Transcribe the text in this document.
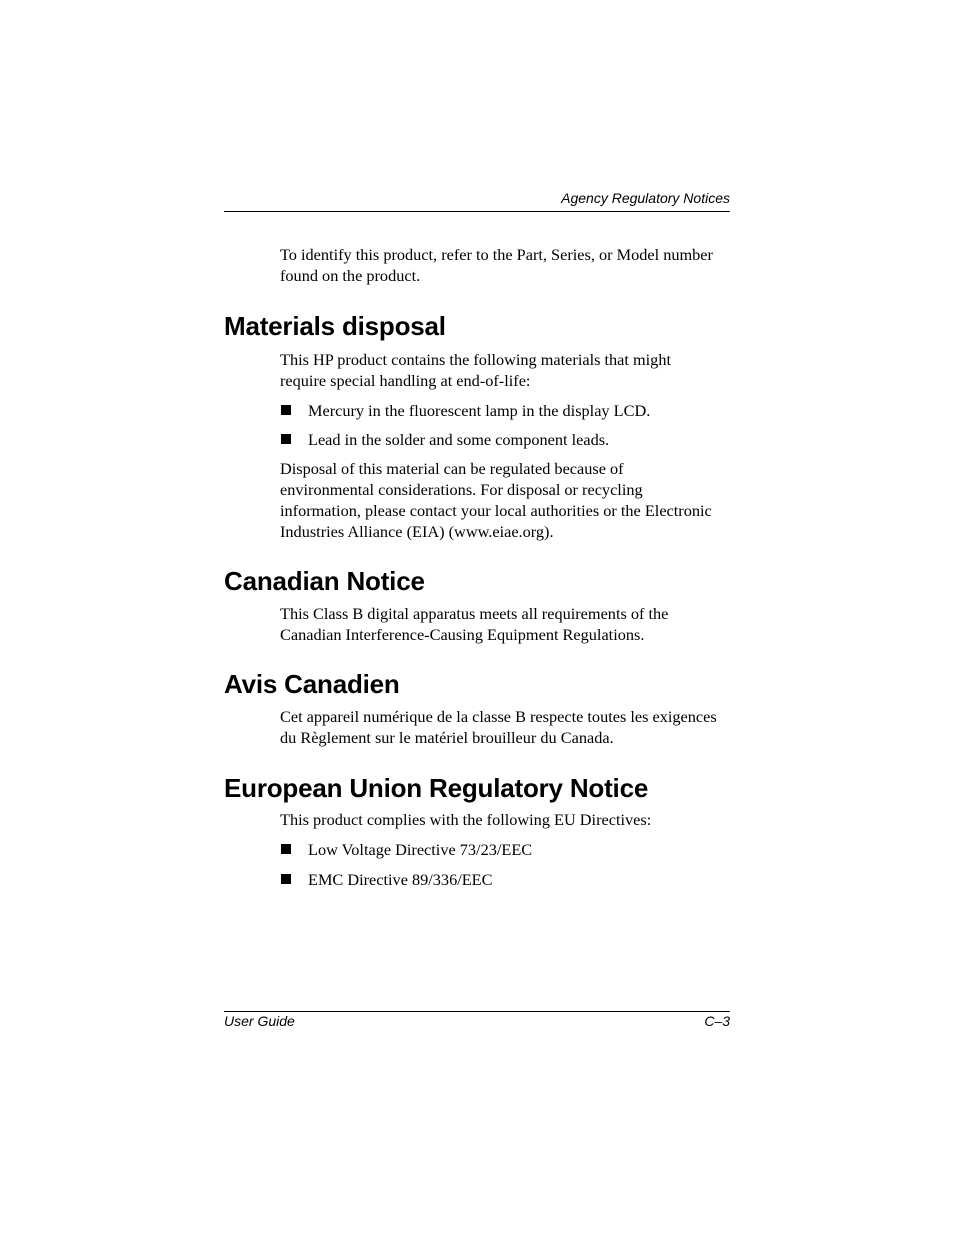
Agency Regulatory Notices

To identify this product, refer to the Part, Series, or Model number found on the product.

Materials disposal

This HP product contains the following materials that might require special handling at end-of-life:

Mercury in the fluorescent lamp in the display LCD.
Lead in the solder and some component leads.

Disposal of this material can be regulated because of environmental considerations. For disposal or recycling information, please contact your local authorities or the Electronic Industries Alliance (EIA) (www.eiae.org).

Canadian Notice

This Class B digital apparatus meets all requirements of the Canadian Interference-Causing Equipment Regulations.

Avis Canadien

Cet appareil numérique de la classe B respecte toutes les exigences du Règlement sur le matériel brouilleur du Canada.

European Union Regulatory Notice

This product complies with the following EU Directives:

Low Voltage Directive 73/23/EEC
EMC Directive 89/336/EEC
User Guide	C–3
